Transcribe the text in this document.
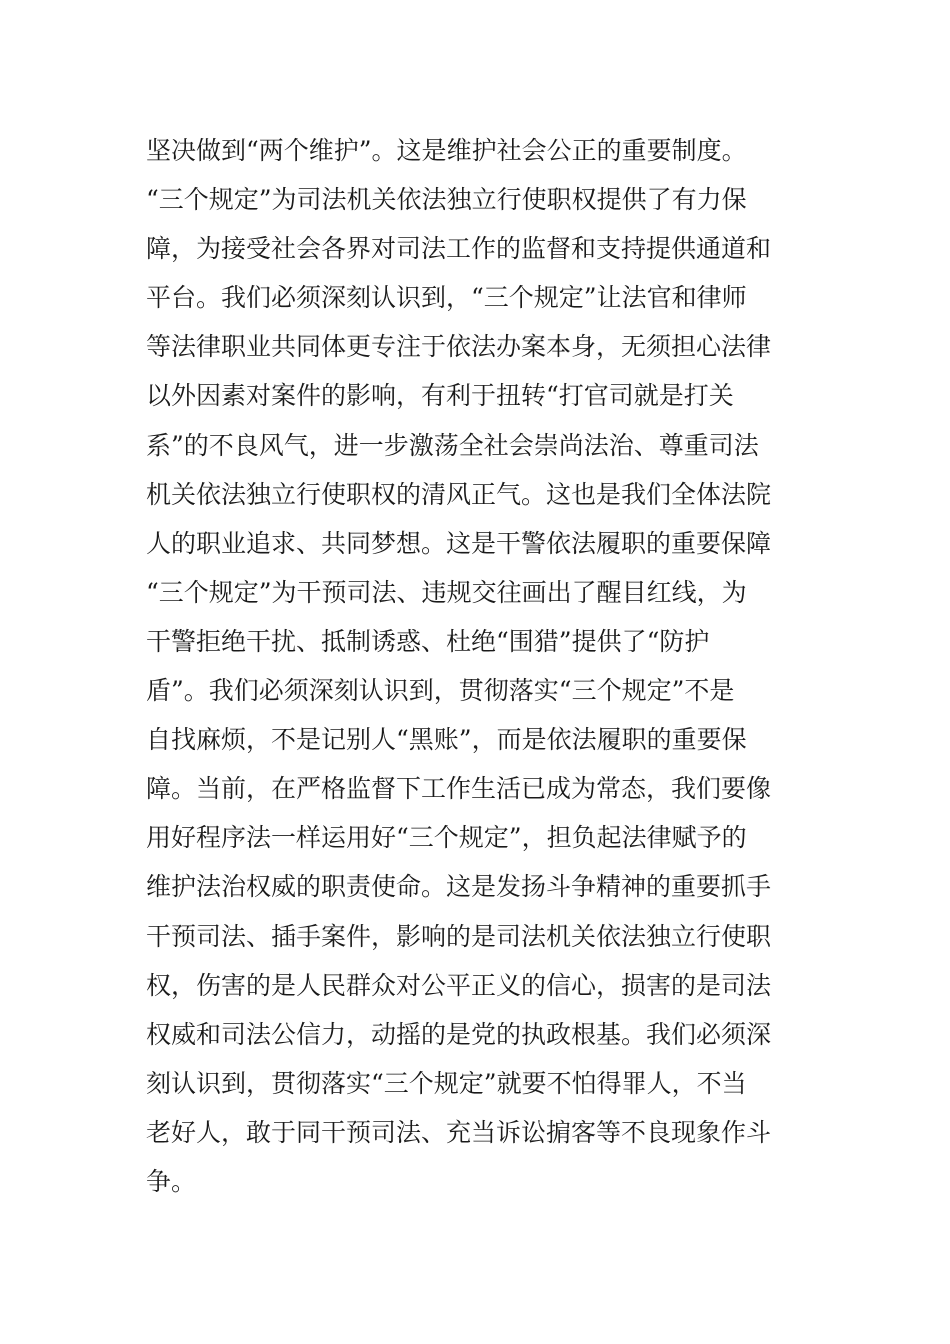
坚决做到“两个维护”。这是维护社会公正的重要制度。
“三个规定”为司法机关依法独立行使职权提供了有力保
障，为接受社会各界对司法工作的监督和支持提供通道和
平台。我们必须深刻认识到，“三个规定”让法官和律师
等法律职业共同体更专注于依法办案本身，无须担心法律
以外因素对案件的影响，有利于扭转“打官司就是打关
系”的不良风气，进一步激荡全社会崇尚法治、尊重司法
机关依法独立行使职权的清风正气。这也是我们全体法院
人的职业追求、共同梦想。这是干警依法履职的重要保障
“三个规定”为干预司法、违规交往画出了醒目红线，为
干警拒绝干扰、抵制诱惑、杜绝“围猎”提供了“防护
盾”。我们必须深刻认识到，贯彻落实“三个规定”不是
自找麻烦，不是记别人“黑账”，而是依法履职的重要保
障。当前，在严格监督下工作生活已成为常态，我们要像
用好程序法一样运用好“三个规定”，担负起法律赋予的
维护法治权威的职责使命。这是发扬斗争精神的重要抓手
干预司法、插手案件，影响的是司法机关依法独立行使职
权，伤害的是人民群众对公平正义的信心，损害的是司法
权威和司法公信力，动摇的是党的执政根基。我们必须深
刻认识到，贯彻落实“三个规定”就要不怕得罪人，不当
老好人，敢于同干预司法、充当诉讼掮客等不良现象作斗
争。
